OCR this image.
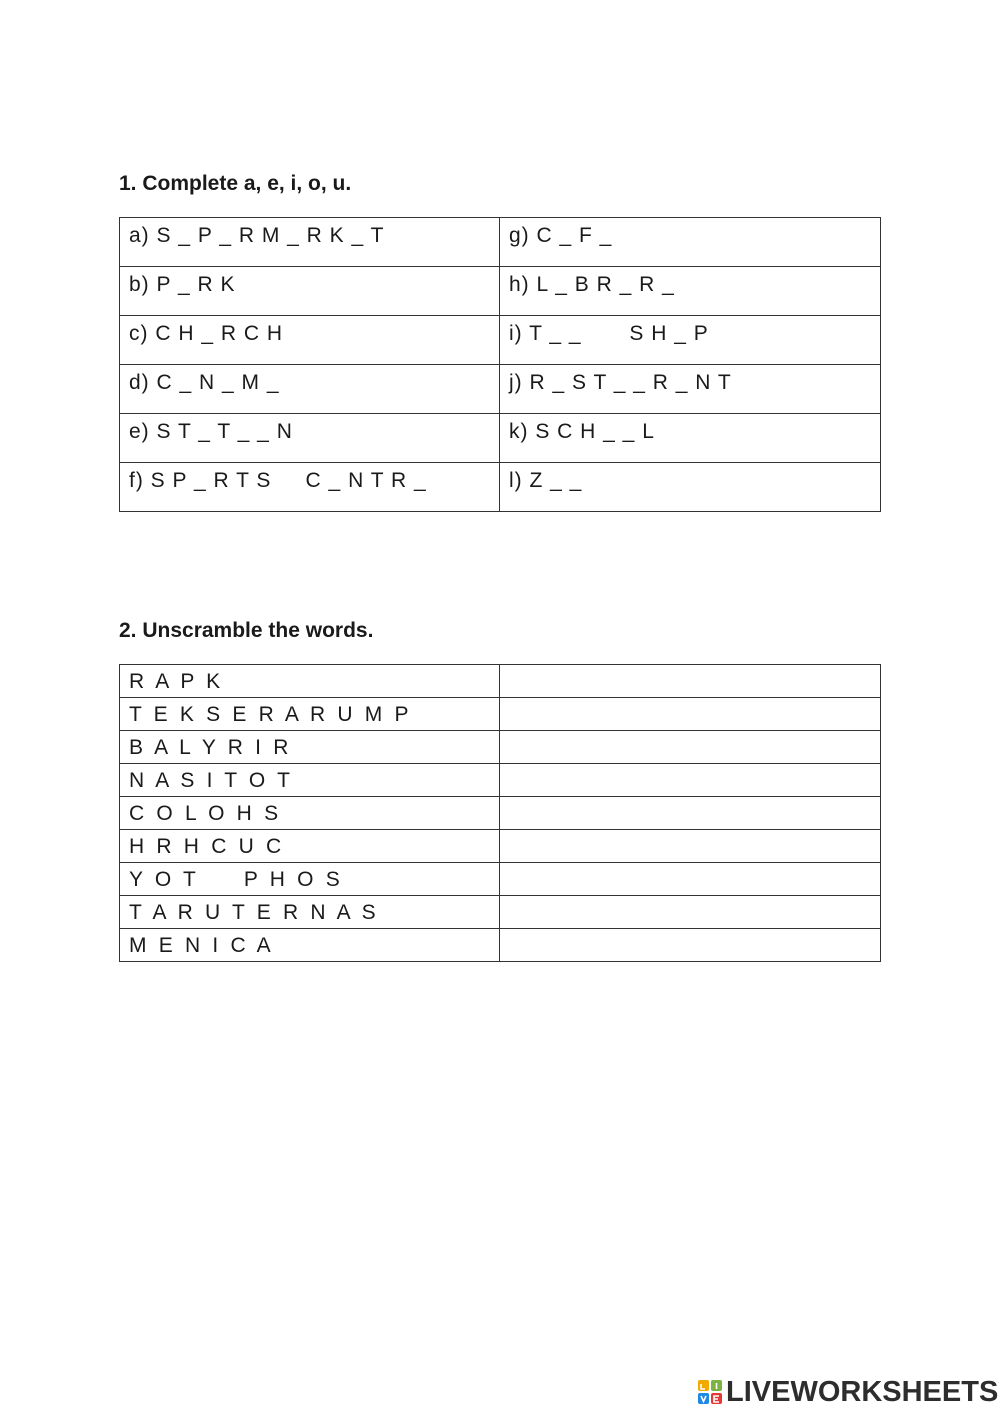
1. Complete a, e, i, o, u.
a) S _ P _ R M _ R K _ T	g) C _ F _
b) P _ R K	h) L _ B R _ R _
c) C H _ R C H	i) T _ _       S H _ P
d) C _ N _ M _	j) R _ S T _ _ R _ N T
e) S T _ T _ _ N	k) S C H _ _ L
f) S P _ R T S     C _ N T R _	l) Z _ _
2. Unscramble the words.
R A P K	
T E K S E R A R U M P	
B A L Y R I R	
N A S I T O T	
C O L O H S	
H R H C U C	
Y O T     P H O S	
T A R U T E R N A S	
M E N I C A	
LIVEWORKSHEETS
